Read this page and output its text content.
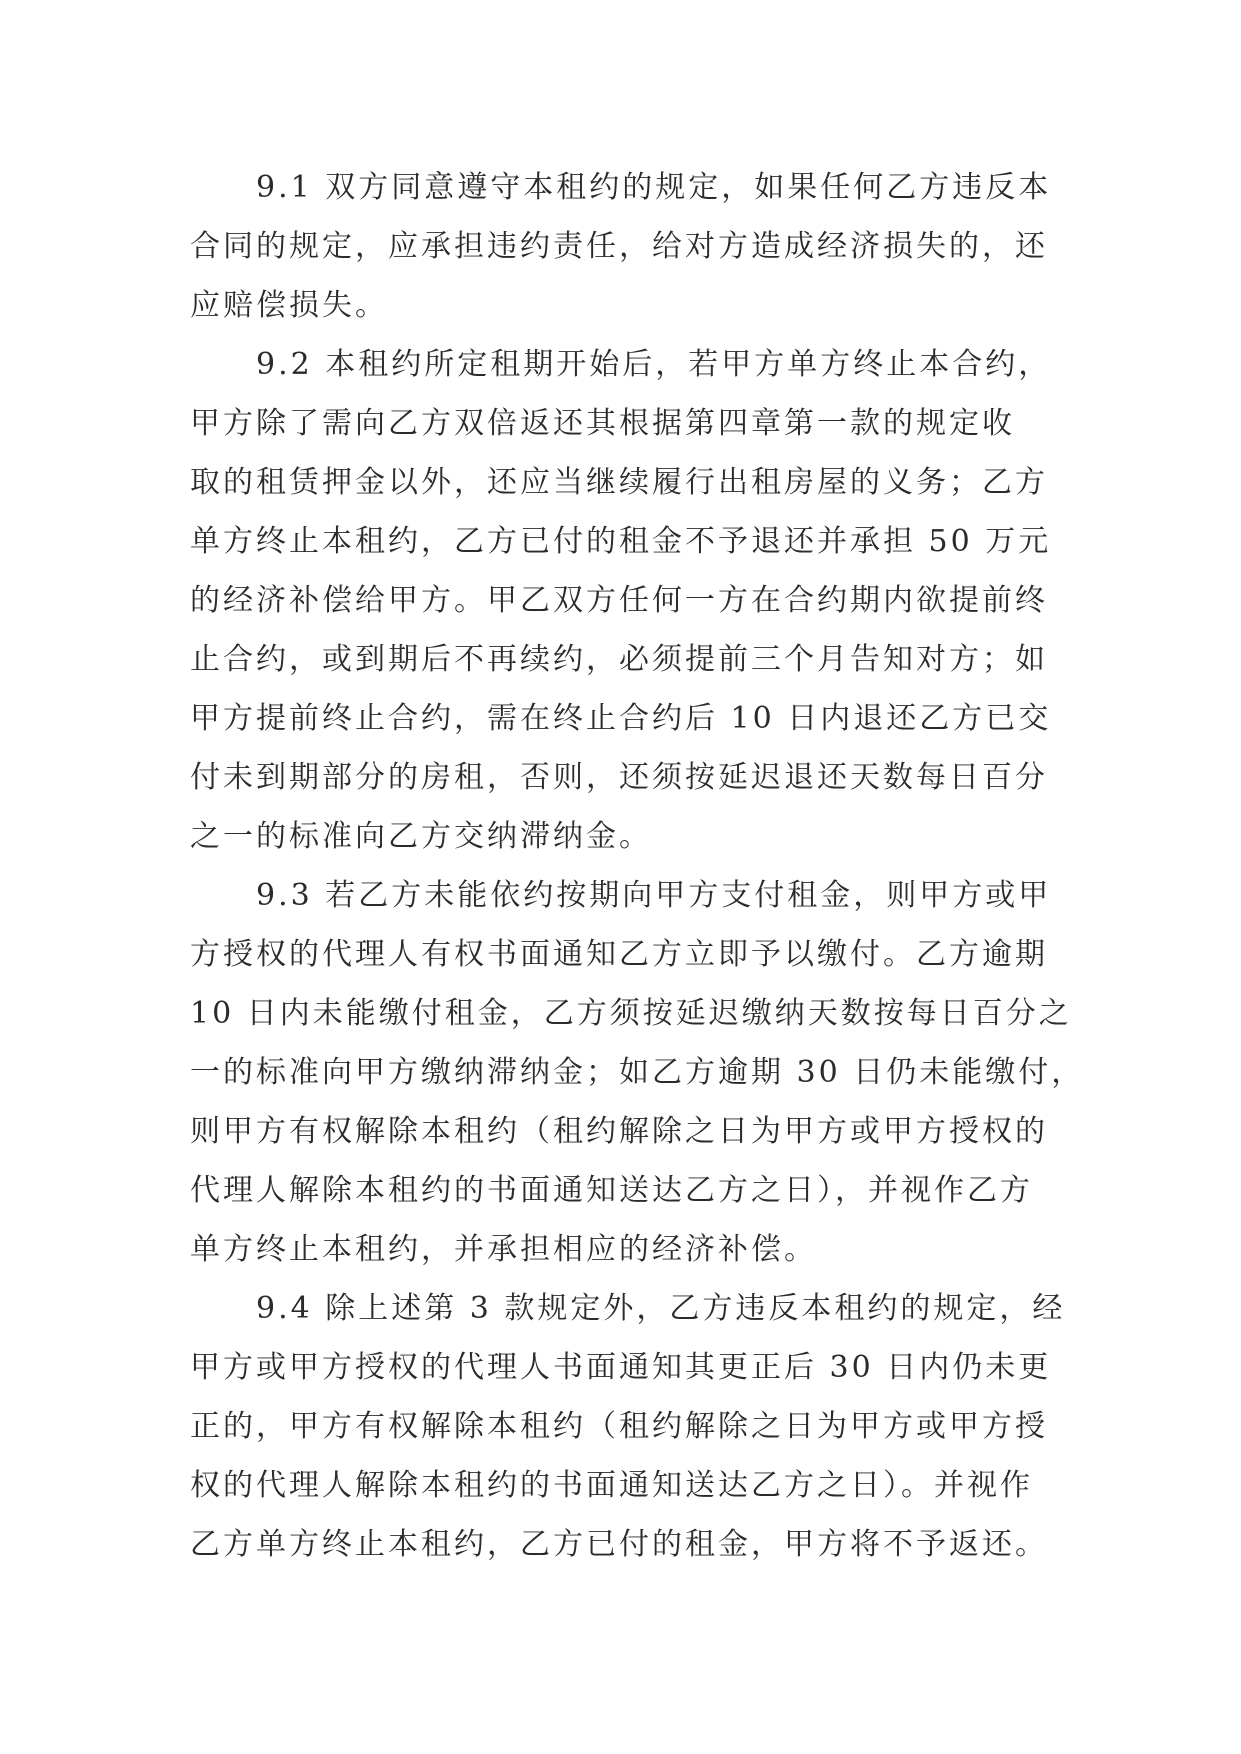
9.1 双方同意遵守本租约的规定，如果任何乙方违反本
合同的规定，应承担违约责任，给对方造成经济损失的，还
应赔偿损失。
9.2 本租约所定租期开始后，若甲方单方终止本合约，
甲方除了需向乙方双倍返还其根据第四章第一款的规定收
取的租赁押金以外，还应当继续履行出租房屋的义务；乙方
单方终止本租约，乙方已付的租金不予退还并承担 50 万元
的经济补偿给甲方。甲乙双方任何一方在合约期内欲提前终
止合约，或到期后不再续约，必须提前三个月告知对方；如
甲方提前终止合约，需在终止合约后 10 日内退还乙方已交
付未到期部分的房租，否则，还须按延迟退还天数每日百分
之一的标准向乙方交纳滞纳金。
9.3 若乙方未能依约按期向甲方支付租金，则甲方或甲
方授权的代理人有权书面通知乙方立即予以缴付。乙方逾期
10 日内未能缴付租金，乙方须按延迟缴纳天数按每日百分之
一的标准向甲方缴纳滞纳金；如乙方逾期 30 日仍未能缴付，
则甲方有权解除本租约（租约解除之日为甲方或甲方授权的
代理人解除本租约的书面通知送达乙方之日），并视作乙方
单方终止本租约，并承担相应的经济补偿。
9.4 除上述第 3 款规定外，乙方违反本租约的规定，经
甲方或甲方授权的代理人书面通知其更正后 30 日内仍未更
正的，甲方有权解除本租约（租约解除之日为甲方或甲方授
权的代理人解除本租约的书面通知送达乙方之日）。并视作
乙方单方终止本租约，乙方已付的租金，甲方将不予返还。
